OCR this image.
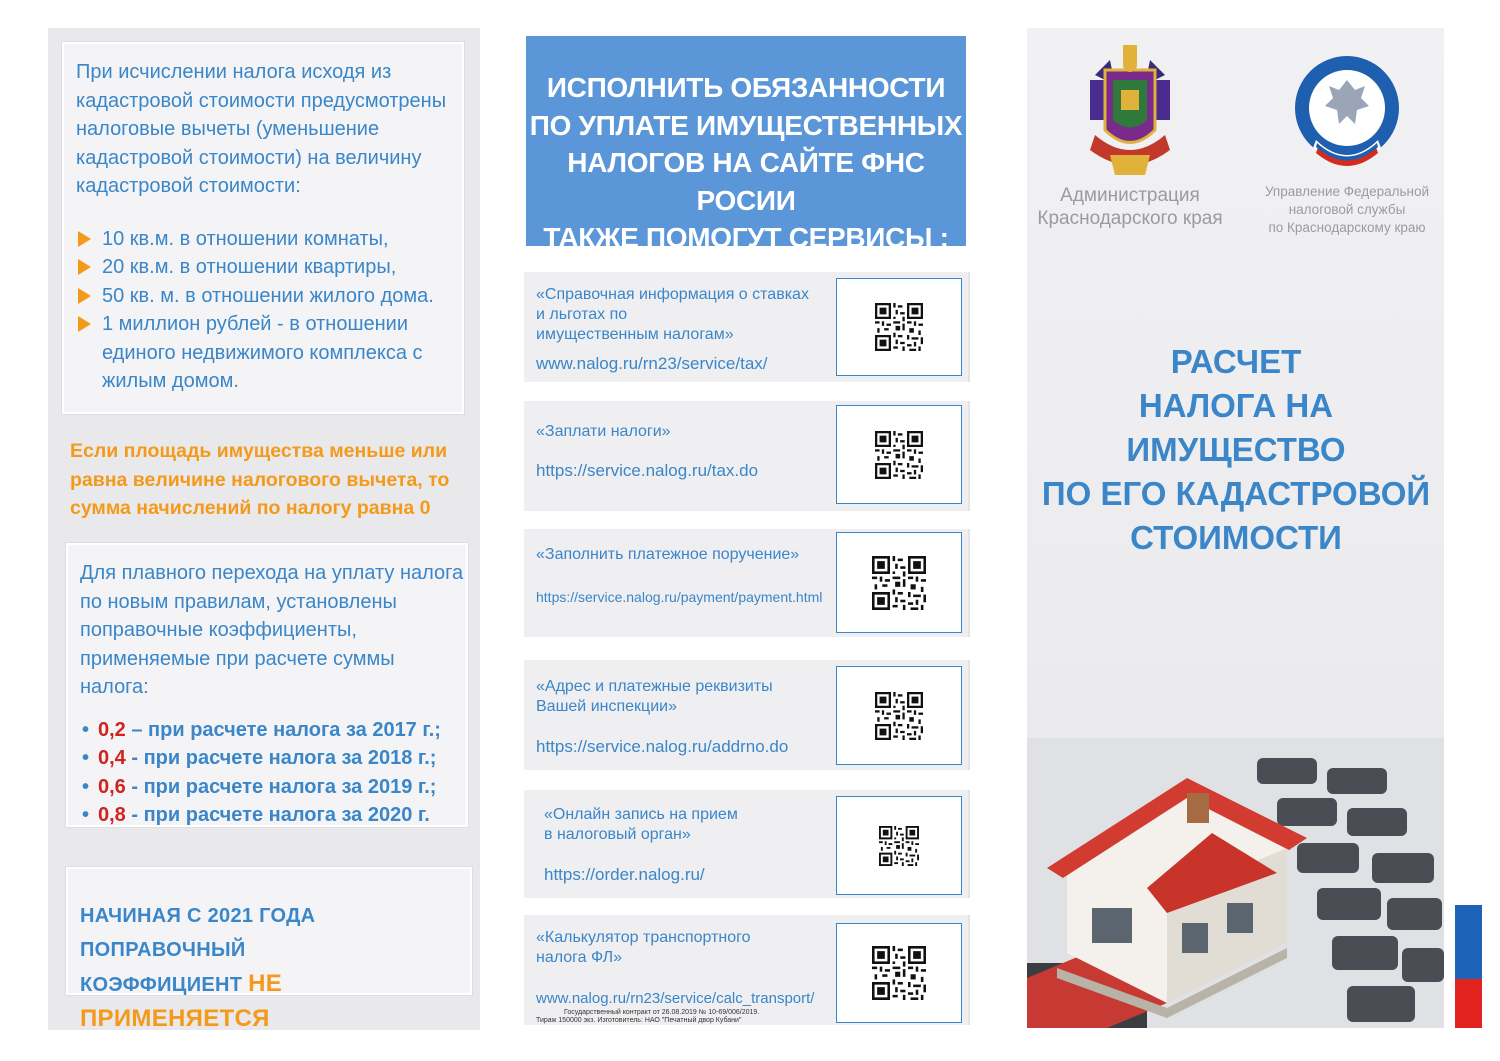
При исчислении налога исходя из

кадастровой стоимости предусмотрены

налоговые вычеты (уменьшение

кадастровой стоимости) на величину

кадастровой стоимости:

10 кв.м. в отношении комнаты,
20 кв.м. в отношении квартиры,
50 кв. м. в отношении жилого дома.
1 миллион рублей - в отношении
единого недвижимого комплекса с
жилым домом.
Если площадь имущества меньше или
равна величине налогового вычета, то
сумма начислений по налогу равна 0

Для плавного перехода на уплату налога

по новым правилам, установлены

поправочные коэффициенты,

применяемые при расчете суммы налога:

• 0,2 – при расчете налога за 2017 г.;
• 0,4 - при расчете налога за 2018 г.;
• 0,6 - при расчете налога за 2019 г.;
• 0,8 - при расчете налога за 2020 г.

НАЧИНАЯ С 2021 ГОДА ПОПРАВОЧНЫЙ
КОЭФФИЦИЕНТ НЕ ПРИМЕНЯЕТСЯ

ИСПОЛНИТЬ ОБЯЗАННОСТИ
ПО УПЛАТЕ ИМУЩЕСТВЕННЫХ
НАЛОГОВ НА САЙТЕ ФНС РОСИИ
ТАКЖЕ ПОМОГУТ СЕРВИСЫ :
«Справочная информация о ставках
и льготах по
имущественным налогам»
www.nalog.ru/rn23/service/tax/
«Заплати налоги»
https://service.nalog.ru/tax.do
«Заполнить платежное поручение»
https://service.nalog.ru/payment/payment.html
«Адрес и платежные реквизиты
Вашей инспекции»
https://service.nalog.ru/addrno.do
«Онлайн запись на прием
в налоговый орган»
https://order.nalog.ru/
«Калькулятор транспортного
налога ФЛ»
www.nalog.ru/rn23/service/calc_transport/
Государственный контракт от 26.08.2019 № 10-69/006/2019.
Тираж 150000 экз. Изготовитель: НАО "Печатный двор Кубани"
Администрация
Краснодарского края
Управление Федеральной
налоговой службы
по Краснодарскому краю
РАСЧЕТ
НАЛОГА НА ИМУЩЕСТВО
ПО ЕГО КАДАСТРОВОЙ
СТОИМОСТИ
